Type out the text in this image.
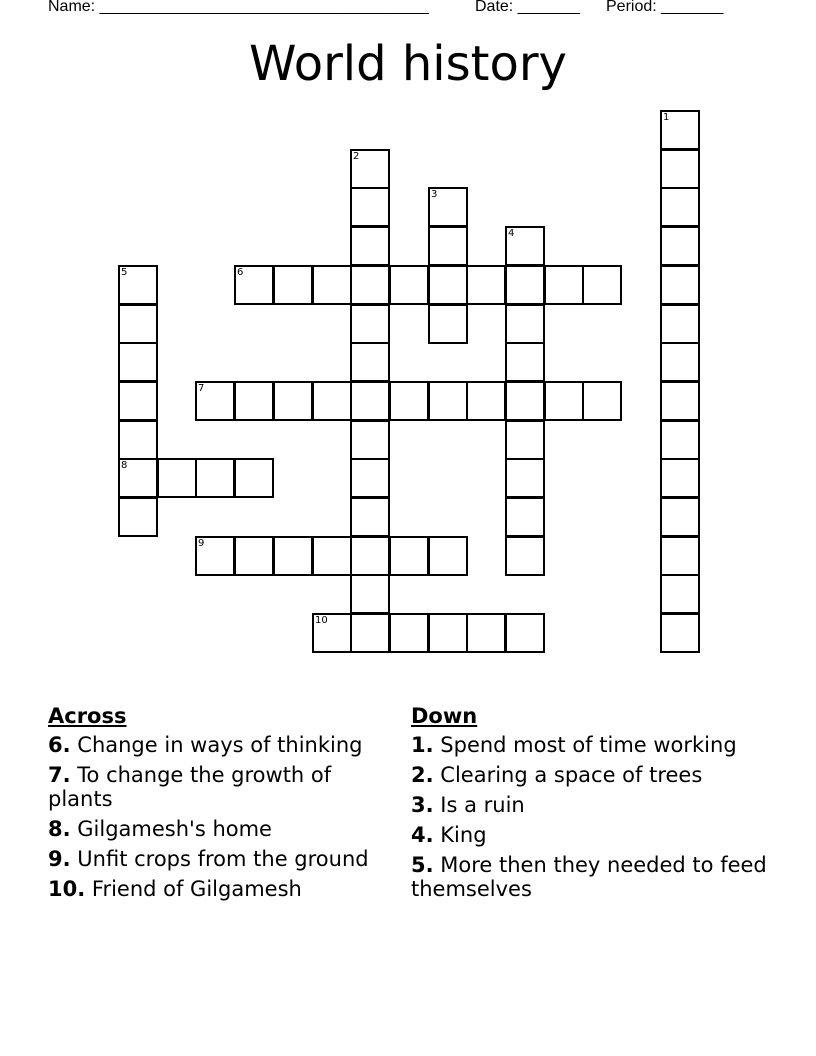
Name: _____________________________________

	Date: _______

Period: _______

World history
1
2
3
4
5
8
6
7
9
10
Across
6. Change in ways of thinking
7. To change the growth of plants
8. Gilgamesh's home
9. Unfit crops from the ground
10. Friend of Gilgamesh
Down
1. Spend most of time working
2. Clearing a space of trees
3. Is a ruin
4. King
5. More then they needed to feed themselves
